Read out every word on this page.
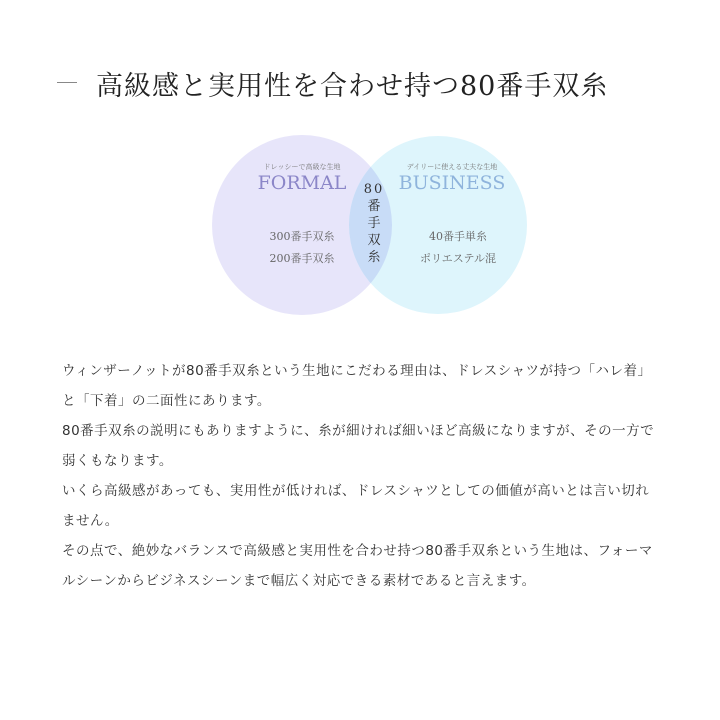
高級感と実用性を合わせ持つ80番手双糸
ドレッシーで高級な生地
FORMAL
300番手双糸
200番手双糸
デイリーに使える丈夫な生地
BUSINESS
40番手単糸
ポリエステル混
80
番
手
双
糸

ウィンザーノットが80番手双糸という生地にこだわる理由は、ドレスシャツが持つ「ハレ着」と「下着」の二面性にあります。

80番手双糸の説明にもありますように、糸が細ければ細いほど高級になりますが、その一方で弱くもなります。

いくら高級感があっても、実用性が低ければ、ドレスシャツとしての価値が高いとは言い切れません。

その点で、絶妙なバランスで高級感と実用性を合わせ持つ80番手双糸という生地は、フォーマルシーンからビジネスシーンまで幅広く対応できる素材であると言えます。
